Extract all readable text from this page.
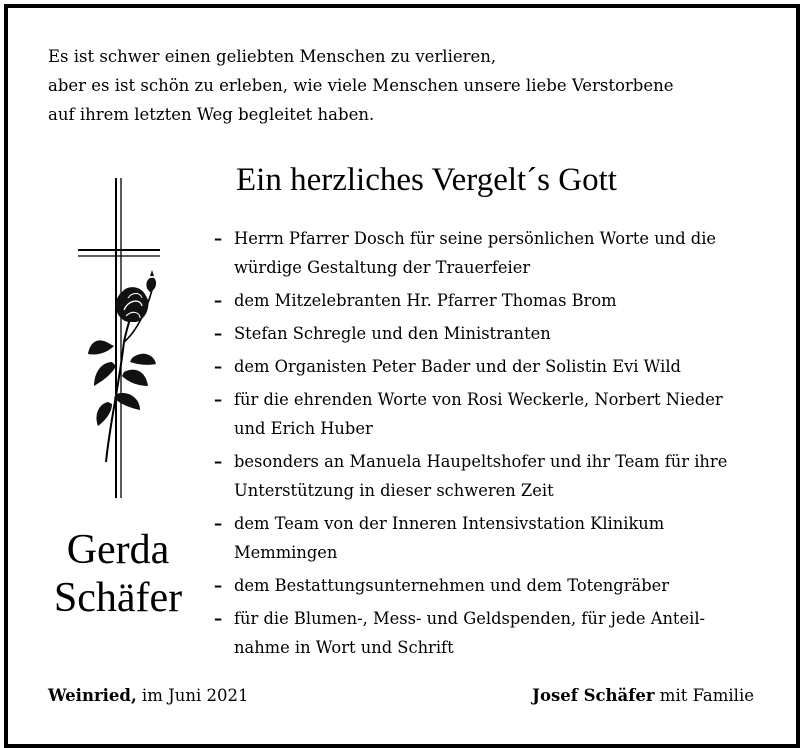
Es ist schwer einen geliebten Menschen zu verlieren,
aber es ist schön zu erleben, wie viele Menschen unsere liebe Verstorbene
auf ihrem letzten Weg begleitet haben.
Ein herzliches Vergelt´s Gott
Gerda
Schäfer
– Herrn Pfarrer Dosch für seine persönlichen Worte und die
würdige Gestaltung der Trauerfeier
– dem Mitzelebranten Hr. Pfarrer Thomas Brom
– Stefan Schregle und den Ministranten
– dem Organisten Peter Bader und der Solistin Evi Wild
– für die ehrenden Worte von Rosi Weckerle, Norbert Nieder
und Erich Huber
– besonders an Manuela Haupeltshofer und ihr Team für ihre
Unterstützung in dieser schweren Zeit
– dem Team von der Inneren Intensivstation Klinikum
Memmingen
– dem Bestattungsunternehmen und dem Totengräber
– für die Blumen-, Mess- und Geldspenden, für jede Anteil-
nahme in Wort und Schrift
Weinried, im Juni 2021	Josef Schäfer mit Familie
